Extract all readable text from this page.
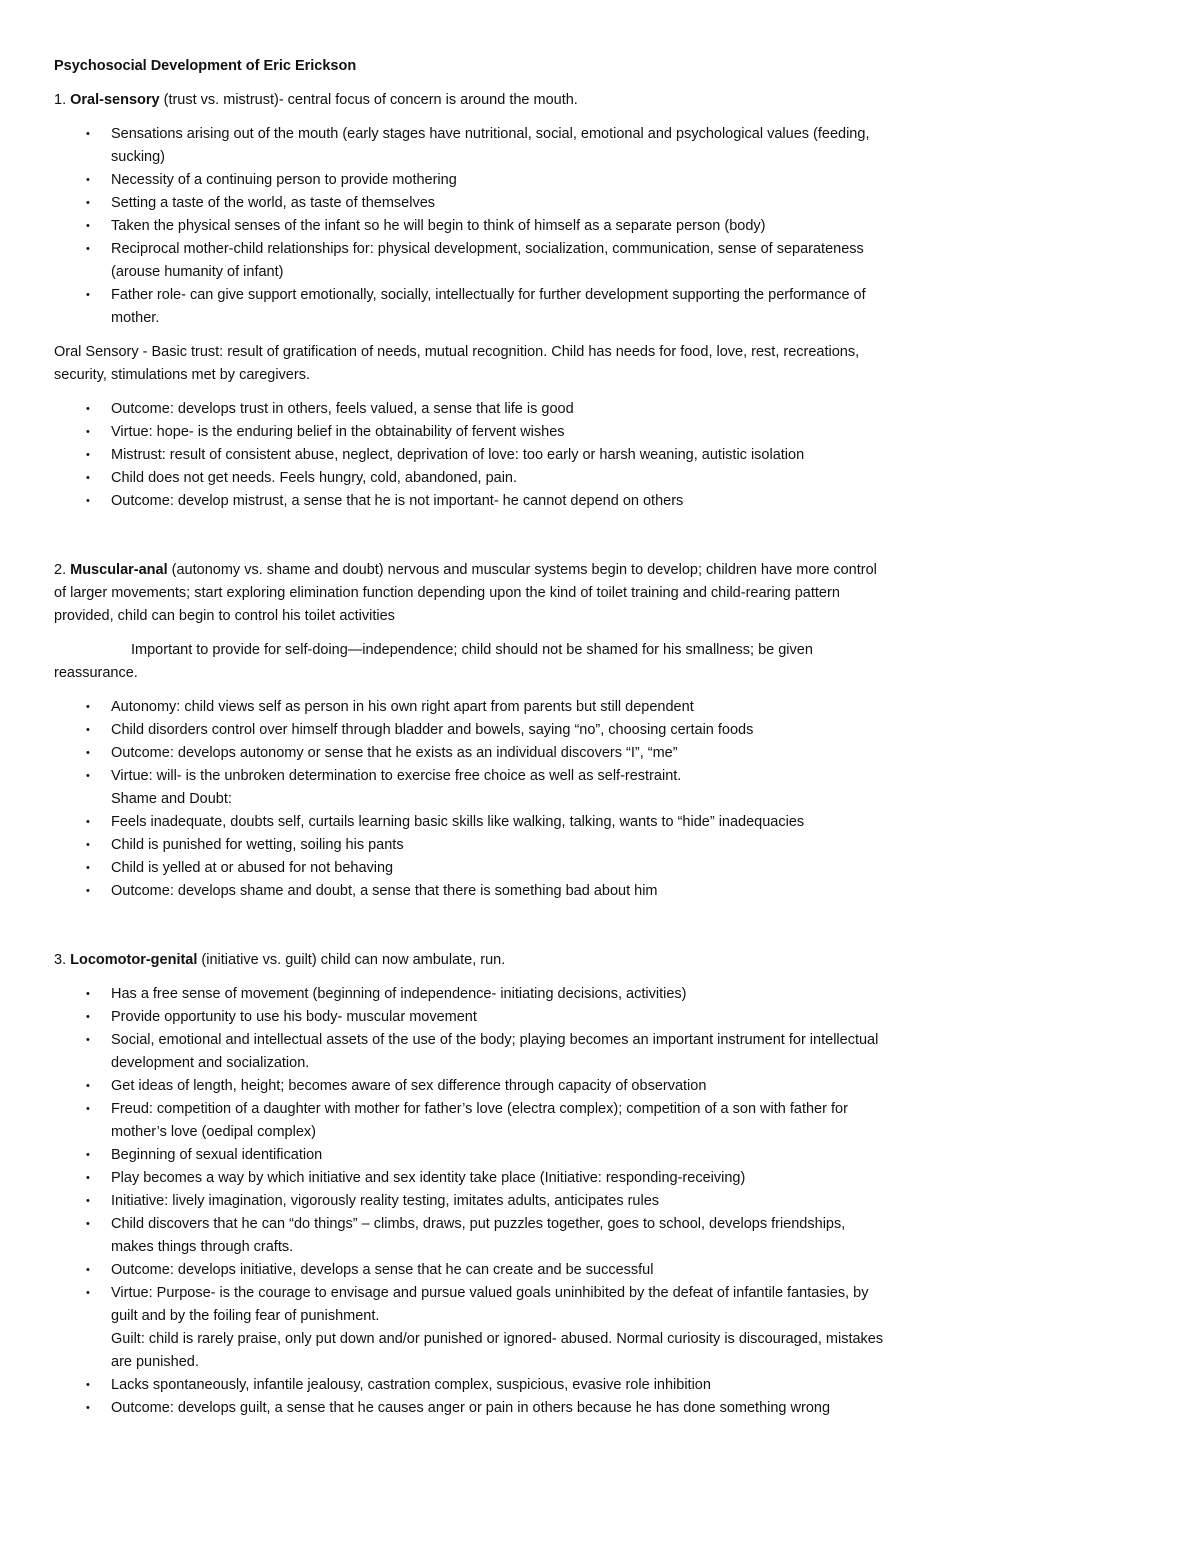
Psychosocial Development of Eric Erickson

1. Oral-sensory (trust vs. mistrust)- central focus of concern is around the mouth.

• Sensations arising out of the mouth (early stages have nutritional, social, emotional and psychological values (feeding, sucking)
• Necessity of a continuing person to provide mothering
• Setting a taste of the world, as taste of themselves
• Taken the physical senses of the infant so he will begin to think of himself as a separate person (body)
• Reciprocal mother-child relationships for: physical development, socialization, communication, sense of separateness (arouse humanity of infant)
• Father role- can give support emotionally, socially, intellectually for further development supporting the performance of mother.

Oral Sensory - Basic trust: result of gratification of needs, mutual recognition. Child has needs for food, love, rest, recreations, security, stimulations met by caregivers.

• Outcome: develops trust in others, feels valued, a sense that life is good
• Virtue: hope- is the enduring belief in the obtainability of fervent wishes
• Mistrust: result of consistent abuse, neglect, deprivation of love: too early or harsh weaning, autistic isolation
• Child does not get needs. Feels hungry, cold, abandoned, pain.
• Outcome: develop mistrust, a sense that he is not important- he cannot depend on others

2. Muscular-anal (autonomy vs. shame and doubt) nervous and muscular systems begin to develop; children have more control of larger movements; start exploring elimination function depending upon the kind of toilet training and child-rearing pattern provided, child can begin to control his toilet activities

Important to provide for self-doing—independence; child should not be shamed for his smallness; be given reassurance.

• Autonomy: child views self as person in his own right apart from parents but still dependent
• Child disorders control over himself through bladder and bowels, saying “no”, choosing certain foods
• Outcome: develops autonomy or sense that he exists as an individual discovers “I”, “me”
• Virtue: will- is the unbroken determination to exercise free choice as well as self-restraint.
Shame and Doubt:
• Feels inadequate, doubts self, curtails learning basic skills like walking, talking, wants to “hide” inadequacies
• Child is punished for wetting, soiling his pants
• Child is yelled at or abused for not behaving
• Outcome: develops shame and doubt, a sense that there is something bad about him

3. Locomotor-genital (initiative vs. guilt) child can now ambulate, run.

• Has a free sense of movement (beginning of independence- initiating decisions, activities)
• Provide opportunity to use his body- muscular movement
• Social, emotional and intellectual assets of the use of the body; playing becomes an important instrument for intellectual development and socialization.
• Get ideas of length, height; becomes aware of sex difference through capacity of observation
• Freud: competition of a daughter with mother for father’s love (electra complex); competition of a son with father for mother’s love (oedipal complex)
• Beginning of sexual identification
• Play becomes a way by which initiative and sex identity take place (Initiative: responding-receiving)
• Initiative: lively imagination, vigorously reality testing, imitates adults, anticipates rules
• Child discovers that he can “do things” – climbs, draws, put puzzles together, goes to school, develops friendships, makes things through crafts.
• Outcome: develops initiative, develops a sense that he can create and be successful
• Virtue: Purpose- is the courage to envisage and pursue valued goals uninhibited by the defeat of infantile fantasies, by guilt and by the foiling fear of punishment.
Guilt: child is rarely praise, only put down and/or punished or ignored- abused. Normal curiosity is discouraged, mistakes are punished.
• Lacks spontaneously, infantile jealousy, castration complex, suspicious, evasive role inhibition
• Outcome: develops guilt, a sense that he causes anger or pain in others because he has done something wrong
